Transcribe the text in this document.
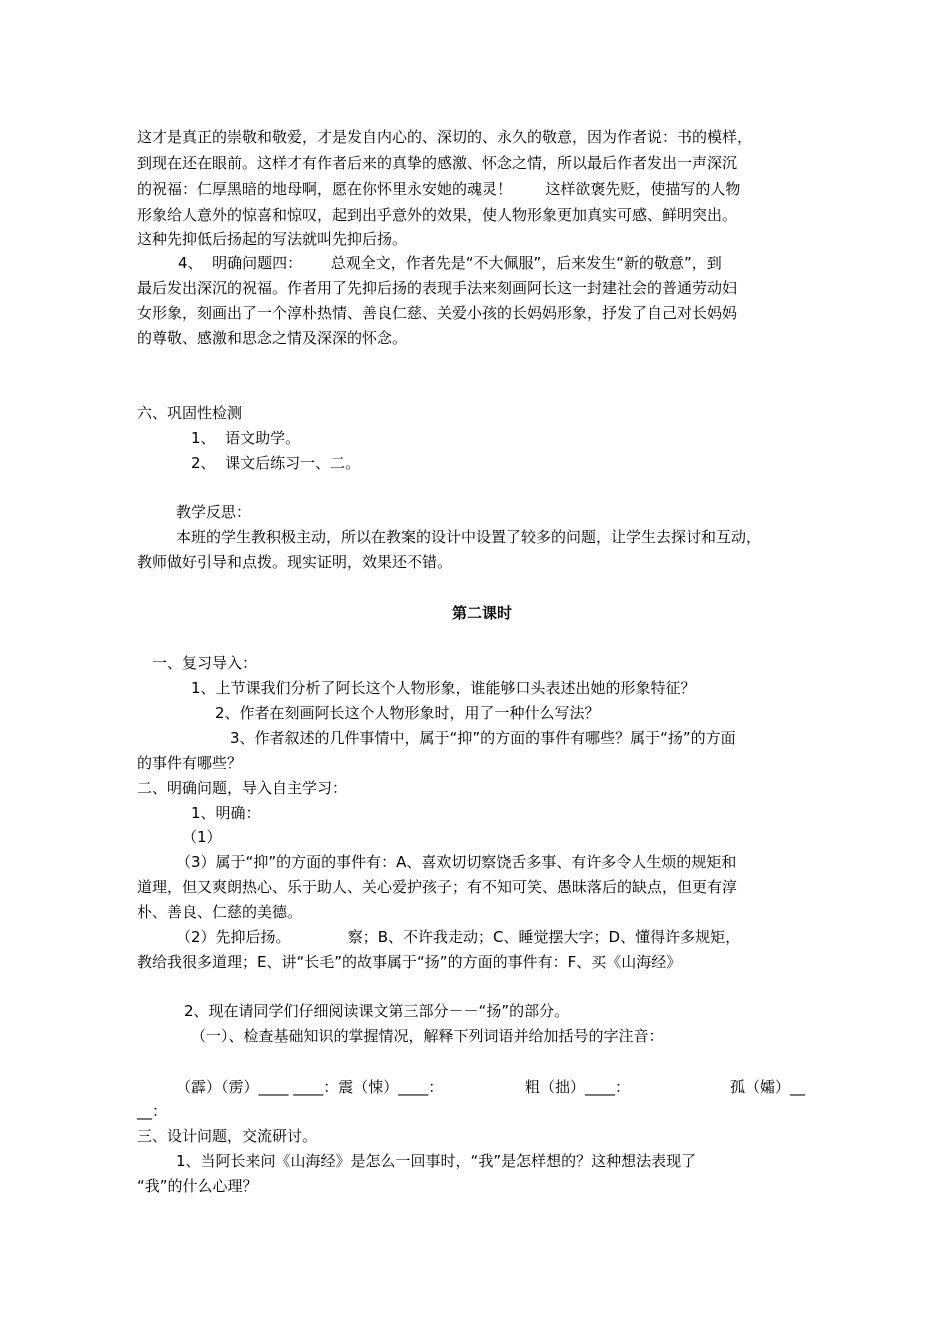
这才是真正的崇敬和敬爱，才是发自内心的、深切的、永久的敬意，因为作者说：书的模样，
到现在还在眼前。这样才有作者后来的真挚的感激、怀念之情，所以最后作者发出一声深沉
的祝福：仁厚黑暗的地母啊，愿在你怀里永安她的魂灵！       这样欲褒先贬，使描写的人物
形象给人意外的惊喜和惊叹，起到出乎意外的效果，使人物形象更加真实可感、鲜明突出。
这种先抑低后扬起的写法就叫先抑后扬。
4、  明确问题四：      总观全文，作者先是“不大佩服”，后来发生“新的敬意”，到
最后发出深沉的祝福。作者用了先抑后扬的表现手法来刻画阿长这一封建社会的普通劳动妇
女形象，刻画出了一个淳朴热情、善良仁慈、关爱小孩的长妈妈形象，抒发了自己对长妈妈
的尊敬、感激和思念之情及深深的怀念。
六、巩固性检测
1、  语文助学。
2、  课文后练习一、二。
教学反思：
本班的学生教积极主动，所以在教案的设计中设置了较多的问题，让学生去探讨和互动，
教师做好引导和点拨。现实证明，效果还不错。
第二课时
一、复习导入：
1、上节课我们分析了阿长这个人物形象，谁能够口头表述出她的形象特征？
2、作者在刻画阿长这个人物形象时，用了一种什么写法？
3、作者叙述的几件事情中，属于“抑”的方面的事件有哪些？属于“扬”的方面
的事件有哪些？
二、明确问题，导入自主学习：
1、明确：
（1）
（3）属于“抑”的方面的事件有：A、喜欢切切察饶舌多事、有许多令人生烦的规矩和
道理，但又爽朗热心、乐于助人、关心爱护孩子；有不知可笑、愚昧落后的缺点，但更有淳
朴、善良、仁慈的美德。
（2）先抑后扬。            察；B、不许我走动；C、睡觉摆大字；D、懂得许多规矩，
教给我很多道理；E、讲“长毛”的故事属于“扬”的方面的事件有：F、买《山海经》
2、现在请同学们仔细阅读课文第三部分－－“扬”的部分。
（一）、检查基础知识的掌握情况，解释下列词语并给加括号的字注音：
（霹）（雳）____ ____：震（悚）____：	粗（拙）____：	孤（孀）__
__：
三、设计问题，交流研讨。
1、当阿长来问《山海经》是怎么一回事时，“我”是怎样想的？这种想法表现了
“我”的什么心理？
